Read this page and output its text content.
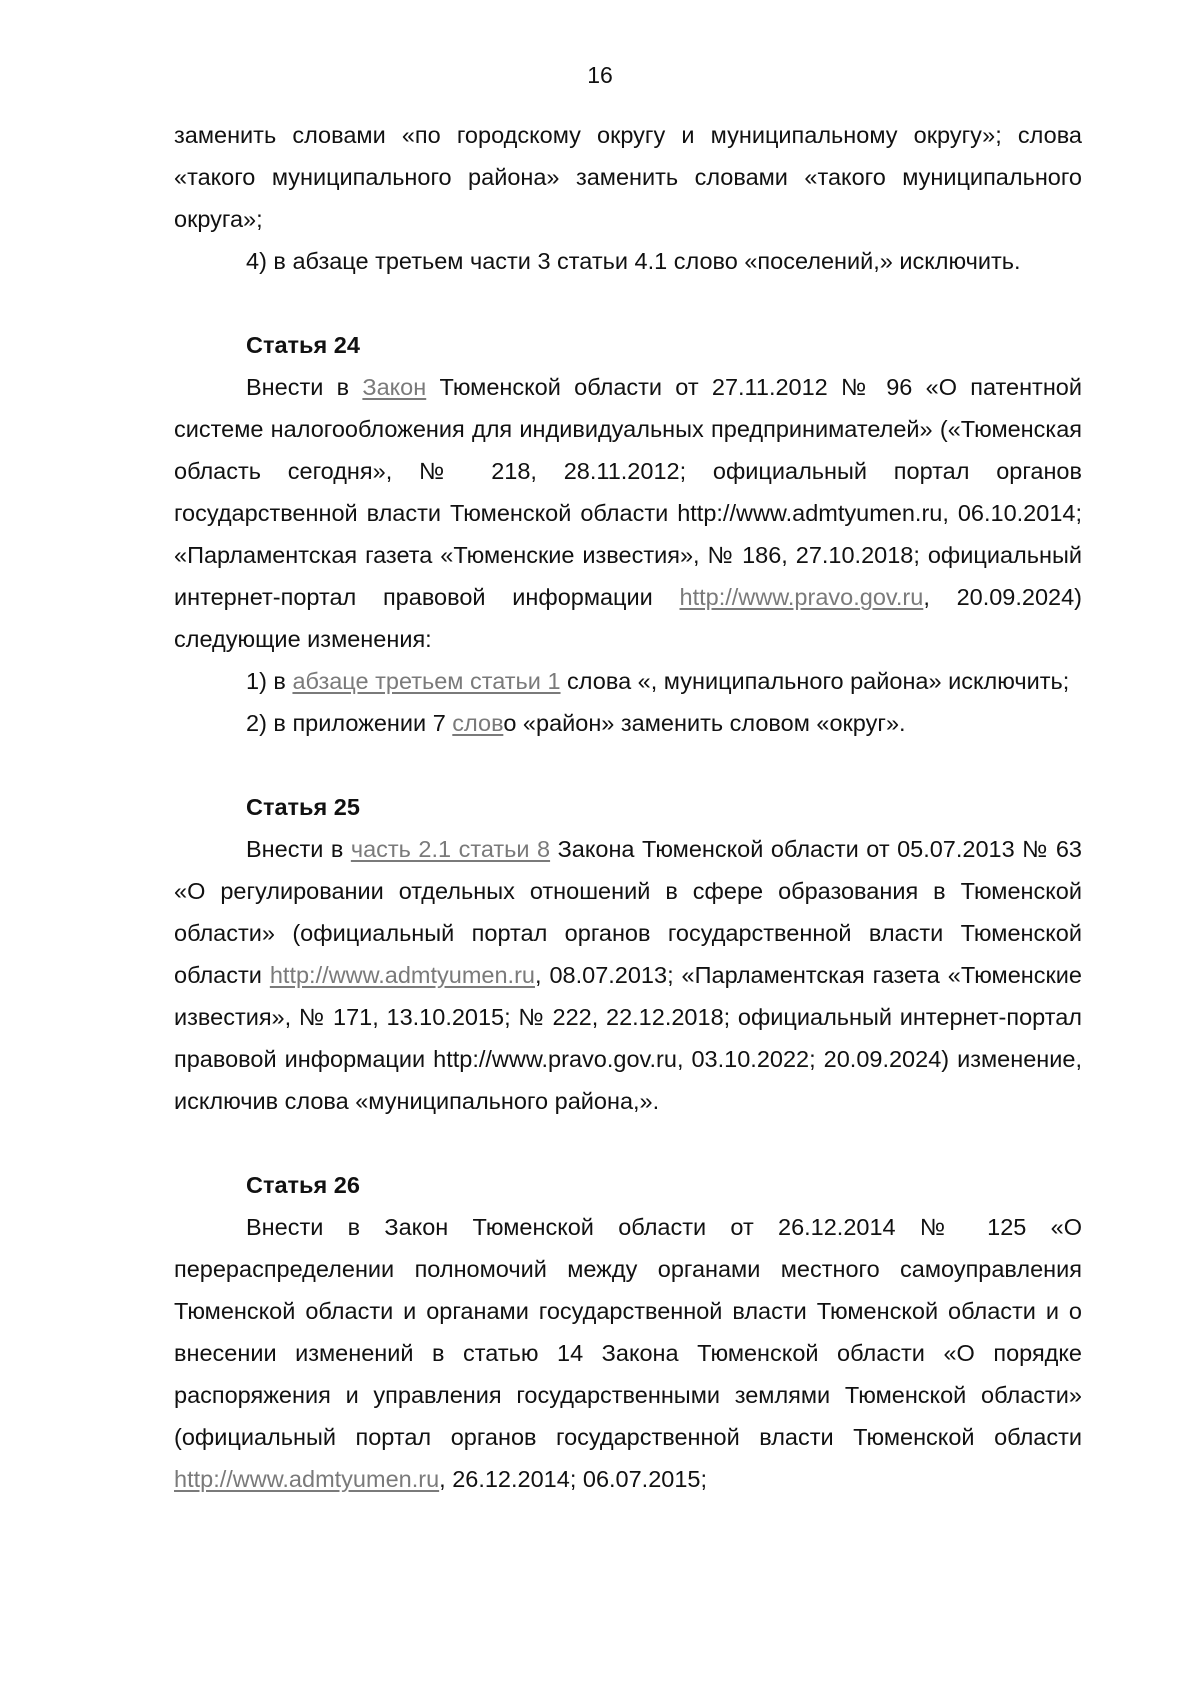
16

заменить словами «по городскому округу и муниципальному округу»; слова «такого муниципального района» заменить словами «такого муниципального округа»;

4) в абзаце третьем части 3 статьи 4.1 слово «поселений,» исключить.

Статья 24

Внести в Закон Тюменской области от 27.11.2012 № 96 «О патентной системе налогообложения для индивидуальных предпринимателей» («Тюменская область сегодня», № 218, 28.11.2012; официальный портал органов государственной власти Тюменской области http://www.admtyumen.ru, 06.10.2014; «Парламентская газета «Тюменские известия», № 186, 27.10.2018; официальный интернет-портал правовой информации http://www.pravo.gov.ru, 20.09.2024) следующие изменения:

1) в абзаце третьем статьи 1 слова «, муниципального района» исключить;

2) в приложении 7 слово «район» заменить словом «округ».

Статья 25

Внести в часть 2.1 статьи 8 Закона Тюменской области от 05.07.2013 № 63 «О регулировании отдельных отношений в сфере образования в Тюменской области» (официальный портал органов государственной власти Тюменской области http://www.admtyumen.ru, 08.07.2013; «Парламентская газета «Тюменские известия», № 171, 13.10.2015; № 222, 22.12.2018; официальный интернет-портал правовой информации http://www.pravo.gov.ru, 03.10.2022; 20.09.2024) изменение, исключив слова «муниципального района,».

Статья 26

Внести в Закон Тюменской области от 26.12.2014 № 125 «О перераспределении полномочий между органами местного самоуправления Тюменской области и органами государственной власти Тюменской области и о внесении изменений в статью 14 Закона Тюменской области «О порядке распоряжения и управления государственными землями Тюменской области» (официальный портал органов государственной власти Тюменской области http://www.admtyumen.ru, 26.12.2014; 06.07.2015;
